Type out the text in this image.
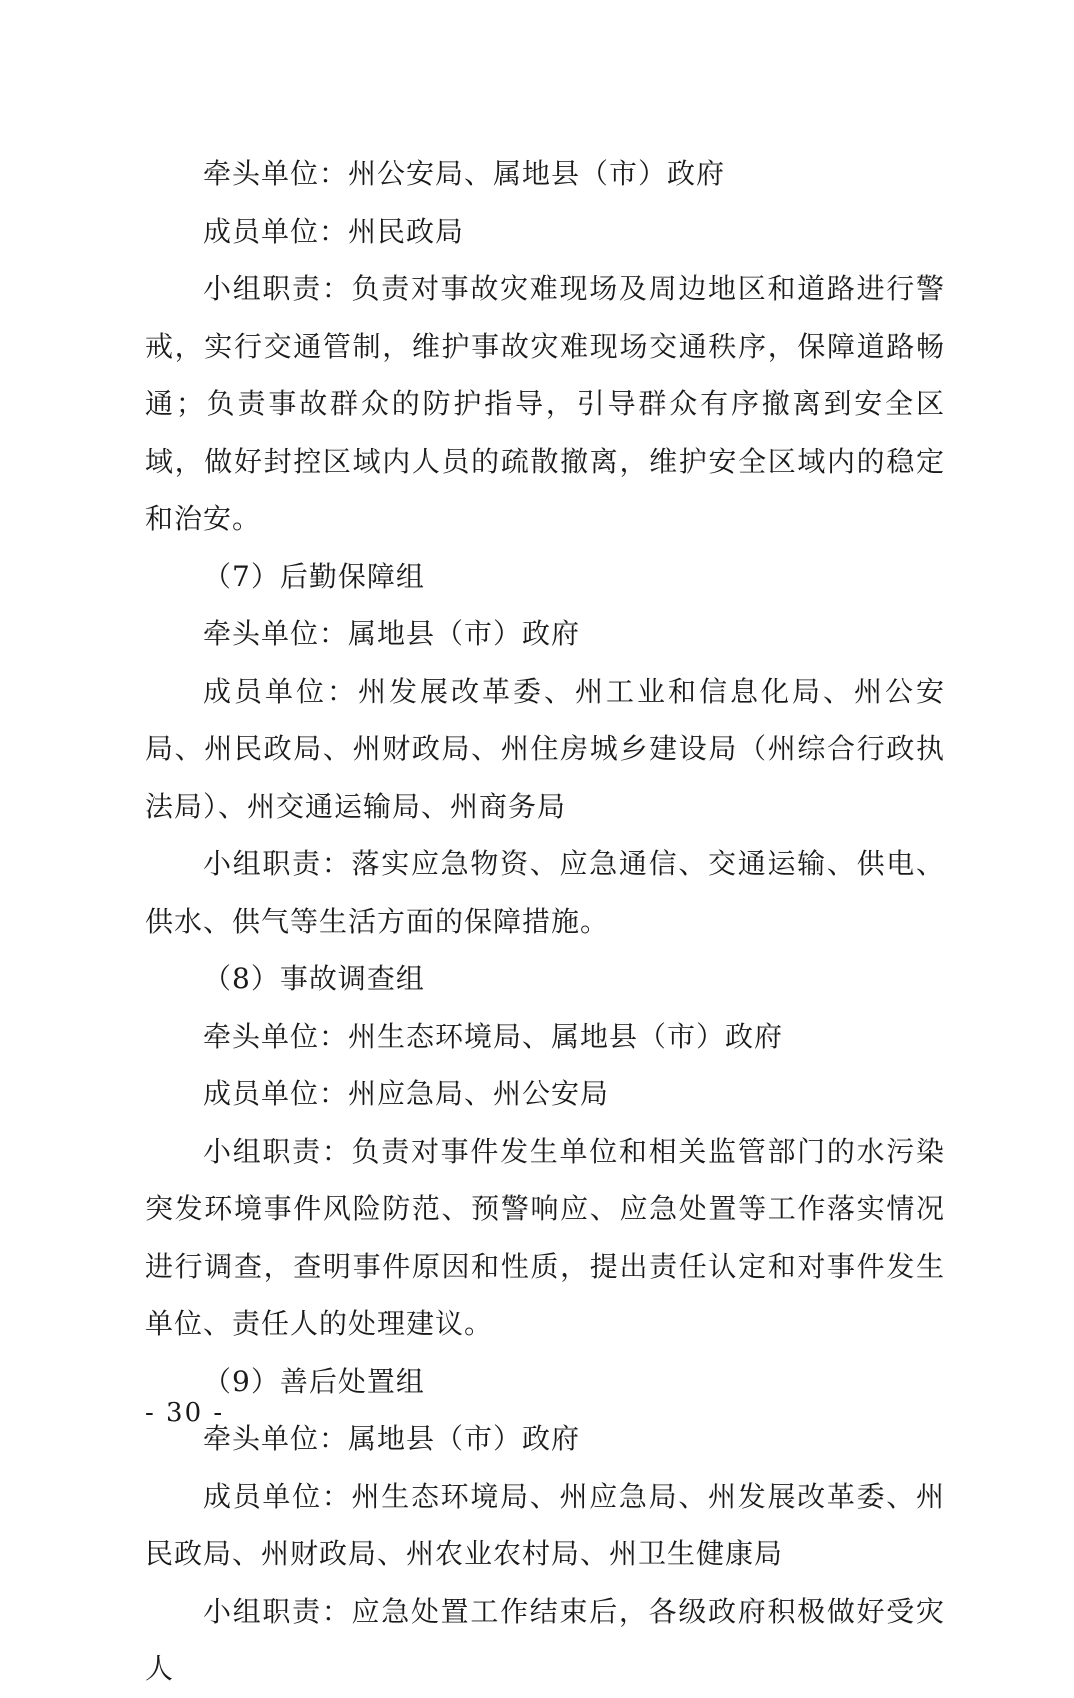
牵头单位：州公安局、属地县（市）政府

成员单位：州民政局

小组职责：负责对事故灾难现场及周边地区和道路进行警戒，实行交通管制，维护事故灾难现场交通秩序，保障道路畅通；负责事故群众的防护指导，引导群众有序撤离到安全区域，做好封控区域内人员的疏散撤离，维护安全区域内的稳定和治安。

（7）后勤保障组

牵头单位：属地县（市）政府

成员单位：州发展改革委、州工业和信息化局、州公安局、州民政局、州财政局、州住房城乡建设局（州综合行政执法局）、州交通运输局、州商务局

小组职责：落实应急物资、应急通信、交通运输、供电、供水、供气等生活方面的保障措施。

（8）事故调查组

牵头单位：州生态环境局、属地县（市）政府

成员单位：州应急局、州公安局

小组职责：负责对事件发生单位和相关监管部门的水污染突发环境事件风险防范、预警响应、应急处置等工作落实情况进行调查，查明事件原因和性质，提出责任认定和对事件发生单位、责任人的处理建议。

（9）善后处置组

牵头单位：属地县（市）政府

成员单位：州生态环境局、州应急局、州发展改革委、州民政局、州财政局、州农业农村局、州卫生健康局

小组职责：应急处置工作结束后，各级政府积极做好受灾人

- 30 -
